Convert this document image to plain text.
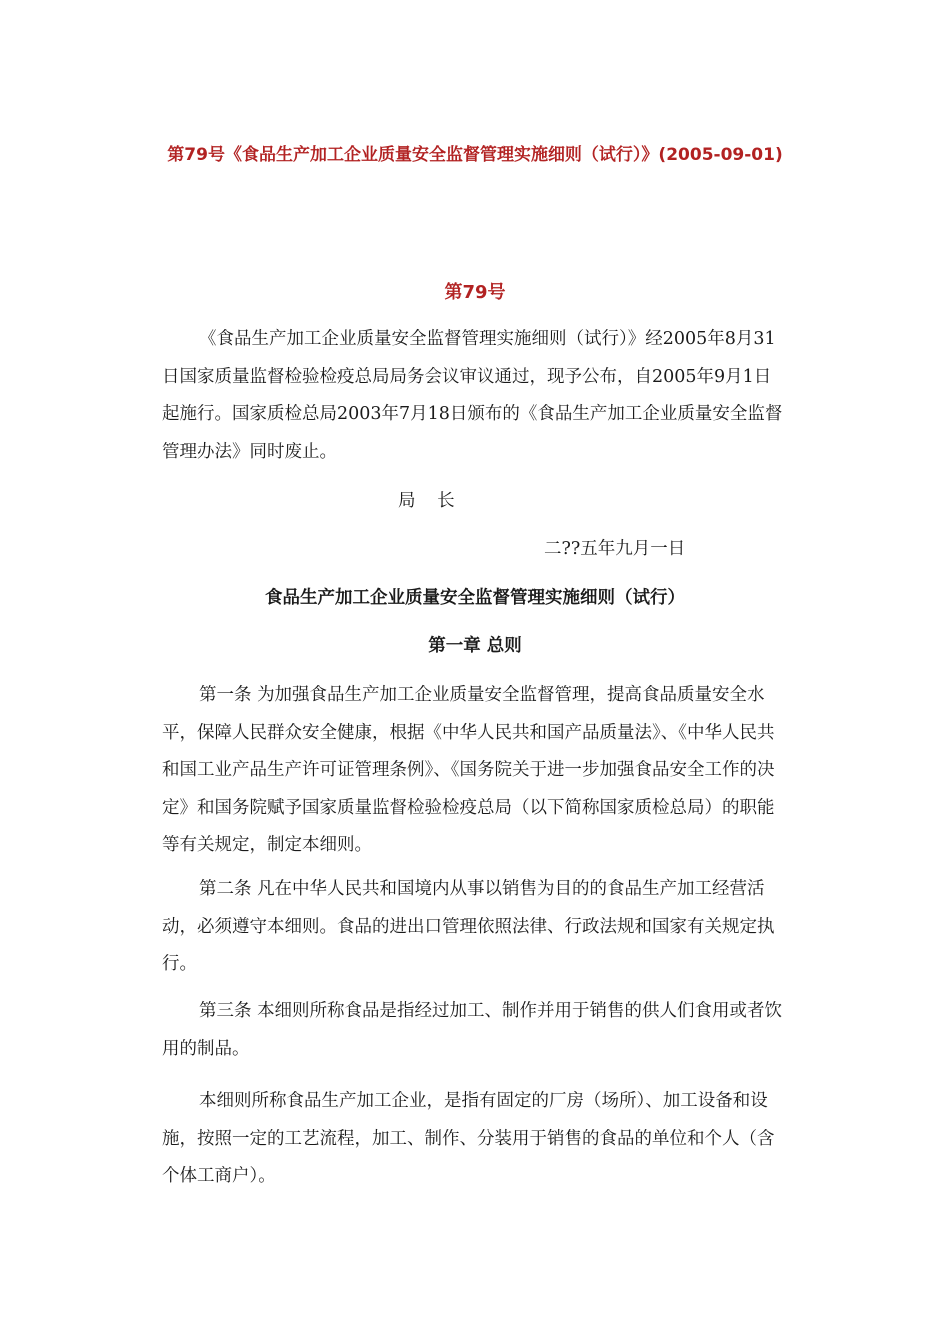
第79号《食品生产加工企业质量安全监督管理实施细则（试行）》(2005-09-01)
第79号

《食品生产加工企业质量安全监督管理实施细则（试行）》经2005年8月31日国家质量监督检验检疫总局局务会议审议通过，现予公布，自2005年9月1日起施行。国家质检总局2003年7月18日颁布的《食品生产加工企业质量安全监督管理办法》同时废止。

局 长

二??五年九月一日

食品生产加工企业质量安全监督管理实施细则（试行）
第一章 总则

第一条 为加强食品生产加工企业质量安全监督管理，提高食品质量安全水平，保障人民群众安全健康，根据《中华人民共和国产品质量法》、《中华人民共和国工业产品生产许可证管理条例》、《国务院关于进一步加强食品安全工作的决定》和国务院赋予国家质量监督检验检疫总局（以下简称国家质检总局）的职能等有关规定，制定本细则。

第二条 凡在中华人民共和国境内从事以销售为目的的食品生产加工经营活动，必须遵守本细则。食品的进出口管理依照法律、行政法规和国家有关规定执行。

第三条 本细则所称食品是指经过加工、制作并用于销售的供人们食用或者饮用的制品。

本细则所称食品生产加工企业，是指有固定的厂房（场所）、加工设备和设施，按照一定的工艺流程，加工、制作、分装用于销售的食品的单位和个人（含个体工商户）。
